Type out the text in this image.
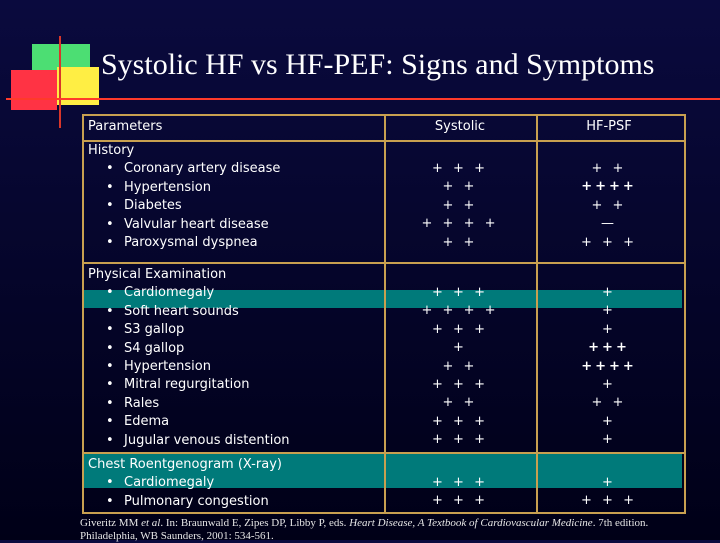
Systolic HF vs HF-PEF: Signs and Symptoms
Parameters	Systolic	HF-PSF
History
• Coronary artery disease
• Hypertension
• Diabetes
• Valvular heart disease
• Paroxysmal dyspnea
+ + +
+ +
+ +
+ + + +
+ +
+ +
++++
+ +
—
+ + +
Physical Examination
• Cardiomegaly
• Soft heart sounds
• S3 gallop
• S4 gallop
• Hypertension
• Mitral regurgitation
• Rales
• Edema
• Jugular venous distention
+ + +
+ + + +
+ + +
+
+ +
+ + +
+ +
+ + +
+ + +
+
+
+
+++
++++
+
+ +
+
+
Chest Roentgenogram (X-ray)
• Cardiomegaly
• Pulmonary congestion
+ + +
+ + +
+
+ + +
Giveritz MM et al. In: Braunwald E, Zipes DP, Libby P, eds. Heart Disease, A Textbook of Cardiovascular Medicine. 7th edition.
Philadelphia, WB Saunders, 2001: 534-561.
